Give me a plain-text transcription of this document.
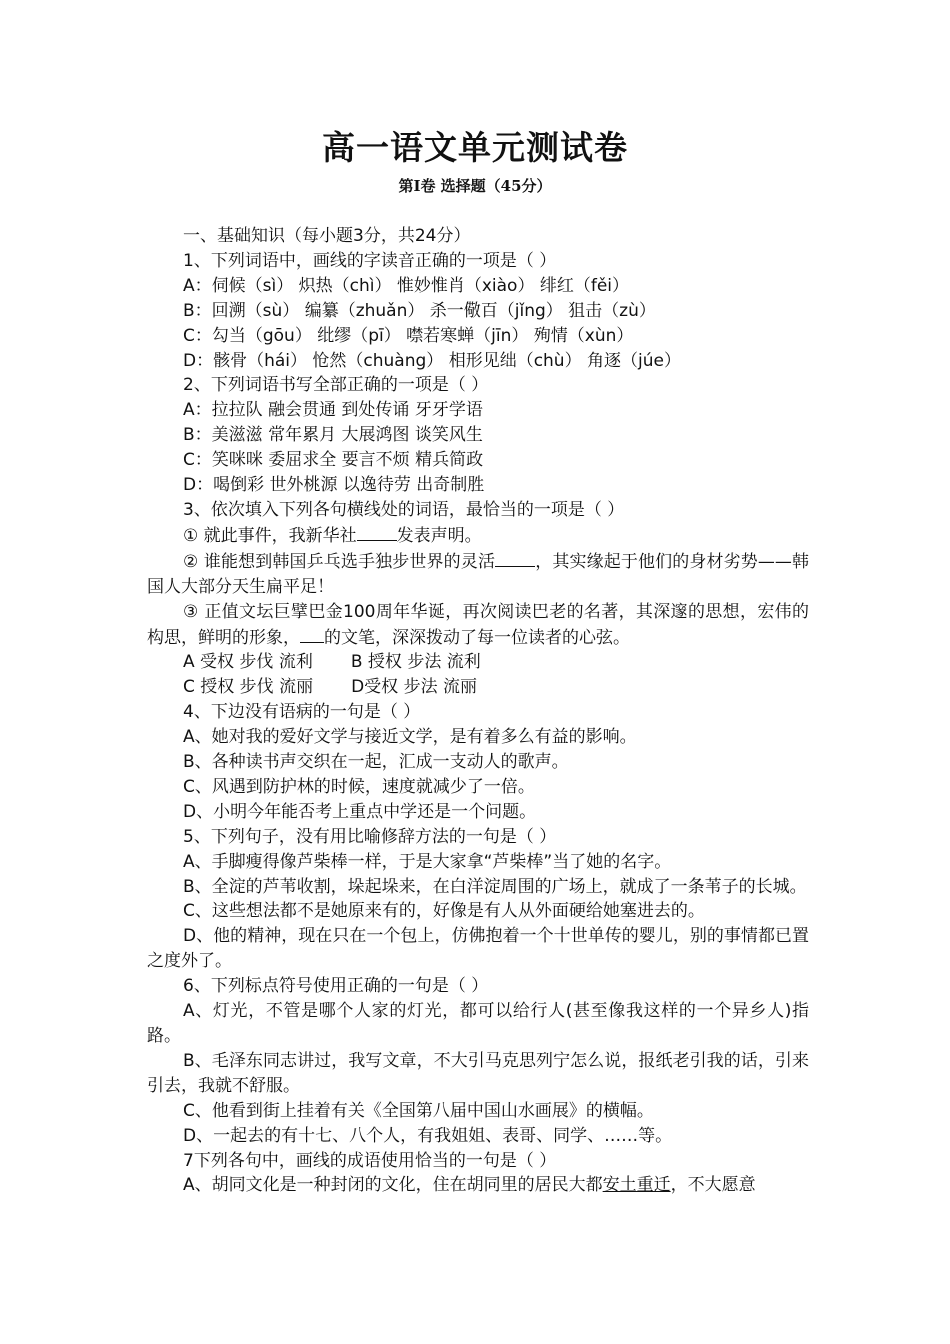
高一语文单元测试卷
第Ⅰ卷 选择题（45分）

一、基础知识（每小题3分，共24分）

1、下列词语中，画线的字读音正确的一项是（ ）

A：伺候（sì） 炽热（chì） 惟妙惟肖（xiào） 绯红（fěi）

B：回溯（sù） 编纂（zhuǎn） 杀一儆百（jǐng） 狙击（zù）

C：勾当（gōu） 纰缪（pī） 噤若寒蝉（jīn） 殉情（xùn）

D：骸骨（hái） 怆然（chuàng） 相形见绌（chù） 角逐（júe）

2、下列词语书写全部正确的一项是（ ）

A：拉拉队 融会贯通 到处传诵 牙牙学语

B：美滋滋 常年累月 大展鸿图 谈笑风生

C：笑咪咪 委屈求全 要言不烦 精兵简政

D：喝倒彩 世外桃源 以逸待劳 出奇制胜

3、依次填入下列各句横线处的词语，最恰当的一项是（ ）

① 就此事件，我新华社 发表声明。

② 谁能想到韩国乒乓选手独步世界的灵活 ，其实缘起于他们的身材劣势——韩国人大部分天生扁平足！

③ 正值文坛巨擘巴金100周年华诞，再次阅读巴老的名著，其深邃的思想，宏伟的构思，鲜明的形象， 的文笔，深深拨动了每一位读者的心弦。

A 受权 步伐 流利 B 授权 步法 流利

C 授权 步伐 流丽 D受权 步法 流丽

4、下边没有语病的一句是（ ）

A、她对我的爱好文学与接近文学，是有着多么有益的影响。

B、各种读书声交织在一起，汇成一支动人的歌声。

C、风遇到防护林的时候，速度就减少了一倍。

D、小明今年能否考上重点中学还是一个问题。

5、下列句子，没有用比喻修辞方法的一句是（ ）

A、手脚瘦得像芦柴棒一样，于是大家拿“芦柴棒”当了她的名字。

B、全淀的芦苇收割，垛起垛来，在白洋淀周围的广场上，就成了一条苇子的长城。

C、这些想法都不是她原来有的，好像是有人从外面硬给她塞进去的。

D、他的精神，现在只在一个包上，仿佛抱着一个十世单传的婴儿，别的事情都已置之度外了。

6、下列标点符号使用正确的一句是（ ）

A、灯光，不管是哪个人家的灯光，都可以给行人(甚至像我这样的一个异乡人)指路。

B、毛泽东同志讲过，我写文章，不大引马克思列宁怎么说，报纸老引我的话，引来引去，我就不舒服。

C、他看到街上挂着有关《全国第八届中国山水画展》的横幅。

D、一起去的有十七、八个人，有我姐姐、表哥、同学、……等。

7下列各句中，画线的成语使用恰当的一句是（ ）

A、胡同文化是一种封闭的文化，住在胡同里的居民大都安土重迁，不大愿意
